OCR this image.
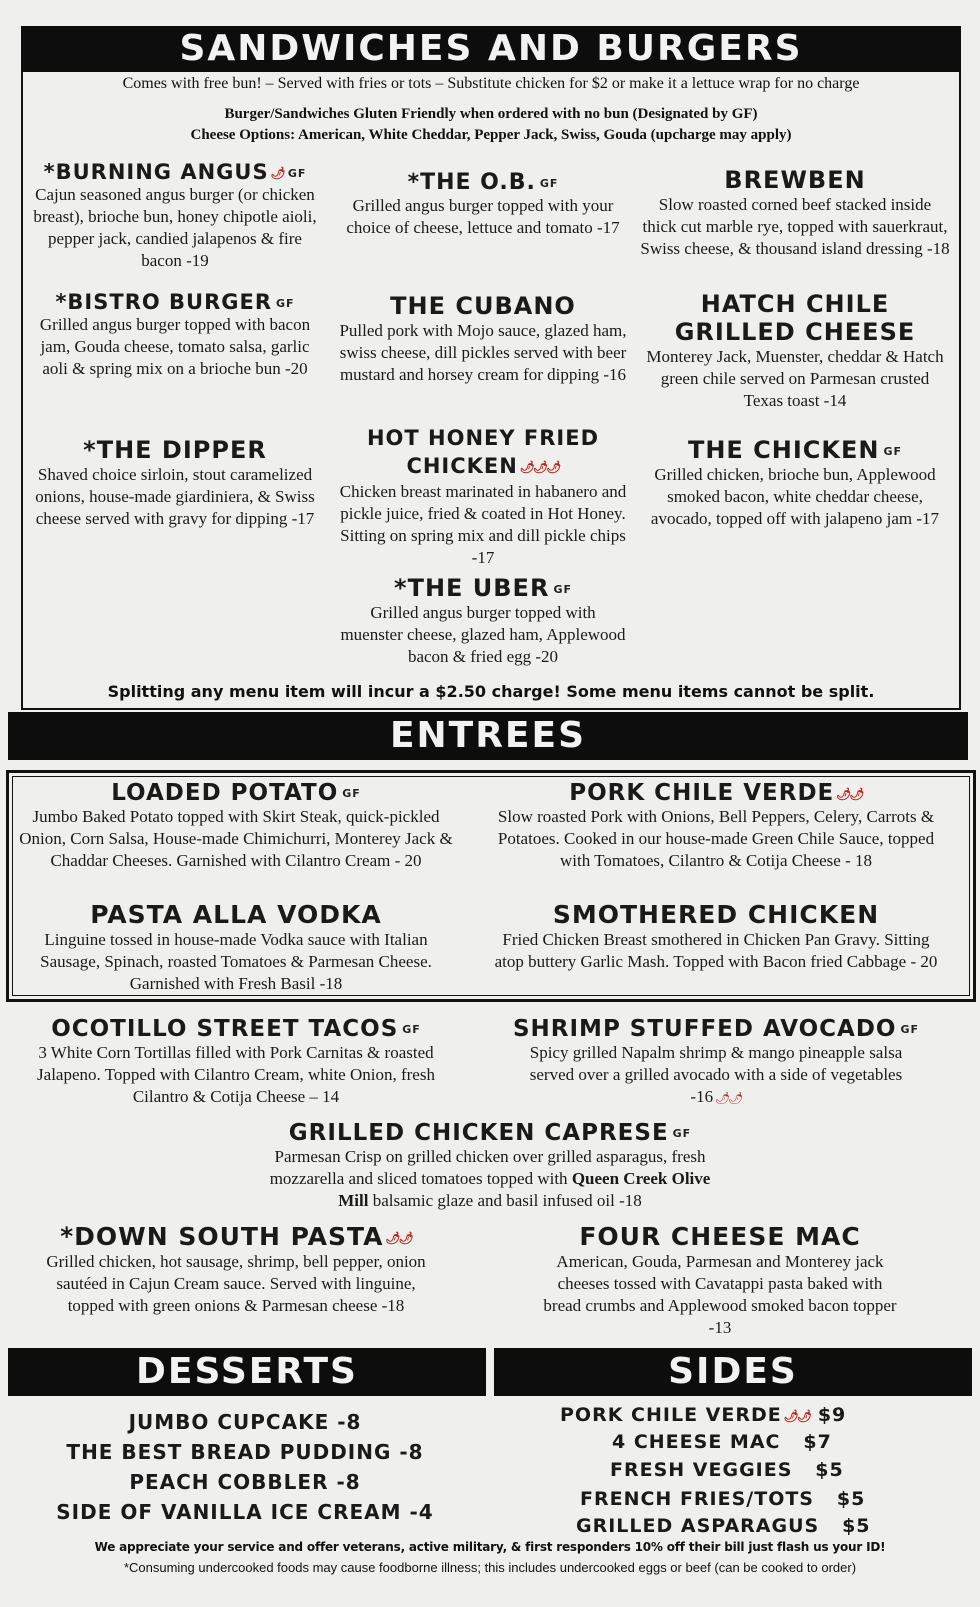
SANDWICHES AND BURGERS
Comes with free bun! – Served with fries or tots – Substitute chicken for $2 or make it a lettuce wrap for no charge
Burger/Sandwiches Gluten Friendly when ordered with no bun (Designated by GF)
Cheese Options: American, White Cheddar, Pepper Jack, Swiss, Gouda (upcharge may apply)
*BURNING ANGUS 🌶 GF
Cajun seasoned angus burger (or chicken breast), brioche bun, honey chipotle aioli, pepper jack, candied jalapenos & fire bacon -19
*THE O.B. GF
Grilled angus burger topped with your choice of cheese, lettuce and tomato -17
BREWBEN
Slow roasted corned beef stacked inside thick cut marble rye, topped with sauerkraut, Swiss cheese, & thousand island dressing -18
*BISTRO BURGER GF
Grilled angus burger topped with bacon jam, Gouda cheese, tomato salsa, garlic aoli & spring mix on a brioche bun -20
THE CUBANO
Pulled pork with Mojo sauce, glazed ham, swiss cheese, dill pickles served with beer mustard and horsey cream for dipping -16
HATCH CHILE GRILLED CHEESE
Monterey Jack, Muenster, cheddar & Hatch green chile served on Parmesan crusted Texas toast -14
*THE DIPPER
Shaved choice sirloin, stout caramelized onions, house-made giardiniera, & Swiss cheese served with gravy for dipping -17
HOT HONEY FRIED CHICKEN 🌶🌶🌶
Chicken breast marinated in habanero and pickle juice, fried & coated in Hot Honey. Sitting on spring mix and dill pickle chips -17
THE CHICKEN GF
Grilled chicken, brioche bun, Applewood smoked bacon, white cheddar cheese, avocado, topped off with jalapeno jam -17
*THE UBER GF
Grilled angus burger topped with muenster cheese, glazed ham, Applewood bacon & fried egg -20
Splitting any menu item will incur a $2.50 charge! Some menu items cannot be split.
ENTREES
LOADED POTATO GF
Jumbo Baked Potato topped with Skirt Steak, quick-pickled Onion, Corn Salsa, House-made Chimichurri, Monterey Jack & Chaddar Cheeses. Garnished with Cilantro Cream - 20
PORK CHILE VERDE 🌶🌶
Slow roasted Pork with Onions, Bell Peppers, Celery, Carrots & Potatoes. Cooked in our house-made Green Chile Sauce, topped with Tomatoes, Cilantro & Cotija Cheese - 18
PASTA ALLA VODKA
Linguine tossed in house-made Vodka sauce with Italian Sausage, Spinach, roasted Tomatoes & Parmesan Cheese. Garnished with Fresh Basil -18
SMOTHERED CHICKEN
Fried Chicken Breast smothered in Chicken Pan Gravy. Sitting atop buttery Garlic Mash. Topped with Bacon fried Cabbage - 20
OCOTILLO STREET TACOS GF
3 White Corn Tortillas filled with Pork Carnitas & roasted Jalapeno. Topped with Cilantro Cream, white Onion, fresh Cilantro & Cotija Cheese – 14
SHRIMP STUFFED AVOCADO GF
Spicy grilled Napalm shrimp & mango pineapple salsa served over a grilled avocado with a side of vegetables -16 🌶🌶
GRILLED CHICKEN CAPRESE GF
Parmesan Crisp on grilled chicken over grilled asparagus, fresh mozzarella and sliced tomatoes topped with Queen Creek Olive Mill balsamic glaze and basil infused oil -18
*DOWN SOUTH PASTA 🌶🌶
Grilled chicken, hot sausage, shrimp, bell pepper, onion sautéed in Cajun Cream sauce. Served with linguine, topped with green onions & Parmesan cheese -18
FOUR CHEESE MAC
American, Gouda, Parmesan and Monterey jack cheeses tossed with Cavatappi pasta baked with bread crumbs and Applewood smoked bacon topper -13
DESSERTS	SIDES
JUMBO CUPCAKE -8
THE BEST BREAD PUDDING -8
PEACH COBBLER -8
SIDE OF VANILLA ICE CREAM -4
PORK CHILE VERDE 🌶🌶 $9
4 CHEESE MAC $7
FRESH VEGGIES $5
FRENCH FRIES/TOTS $5
GRILLED ASPARAGUS $5
We appreciate your service and offer veterans, active military, & first responders 10% off their bill just flash us your ID!
*Consuming undercooked foods may cause foodborne illness; this includes undercooked eggs or beef (can be cooked to order)
